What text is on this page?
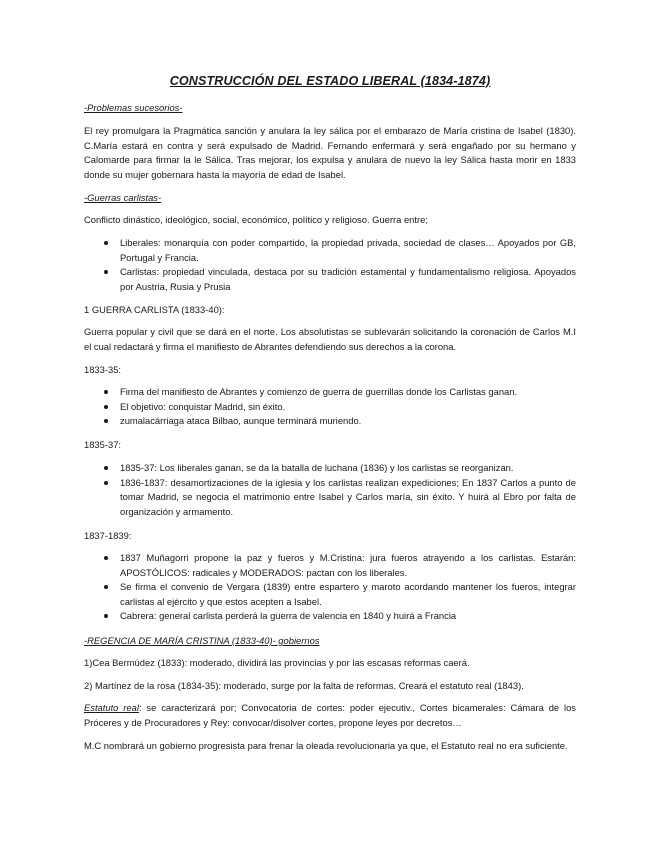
CONSTRUCCIÓN DEL ESTADO LIBERAL (1834-1874)

-Problemas sucesorios-

El rey promulgara la Pragmática sanción y anulara la ley sálica por el embarazo de María cristina de Isabel (1830). C.María estará en contra y será expulsado de Madrid. Fernando enfermará y será engañado por su hermano y Calomarde para firmar la le Sálica. Tras mejorar, los expulsa y anulara de nuevo la ley Sálica hasta morir en 1833 donde su mujer gobernara hasta la mayoría de edad de Isabel.

-Guerras carlistas-

Conflicto dinástico, ideológico, social, económico, político y religioso. Guerra entre;

Liberales: monarquía con poder compartido, la propiedad privada, sociedad de clases… Apoyados por GB, Portugal y Francia.
Carlistas: propiedad vinculada, destaca por su tradición estamental y fundamentalismo religiosa. Apoyados por Austria, Rusia y Prusia

1 GUERRA CARLISTA (1833-40):

Guerra popular y civil que se dará en el norte. Los absolutistas se sublevarán solicitando la coronación de Carlos M.I el cual redactará y firma el manifiesto de Abrantes defendiendo sus derechos a la corona.

1833-35:

Firma del manifiesto de Abrantes y comienzo de guerra de guerrillas donde los Carlistas ganan.
El objetivo: conquistar Madrid, sin éxito.
zumalacárriaga ataca Bilbao, aunque terminará muriendo.

1835-37:

1835-37: Los liberales ganan, se da la batalla de luchana (1836) y los carlistas se reorganizan.
1836-1837: desamortizaciones de la iglesia y los carlistas realizan expediciones; En 1837 Carlos a punto de tomar Madrid, se negocia el matrimonio entre Isabel y Carlos maría, sin éxito. Y huirá al Ebro por falta de organización y armamento.

1837-1839:

1837 Muñagorri propone la paz y fueros y M.Cristina: jura fueros atrayendo a los carlistas. Estarán: APOSTÓLICOS: radicales y MODERADOS: pactan con los liberales.
Se firma el convenio de Vergara (1839) entre espartero y maroto acordando mantener los fueros, integrar carlistas al ejército y que estos acepten a Isabel.
Cabrera: general carlista perderá la guerra de valencia en 1840 y huirá a Francia

-REGENCIA DE MARÍA CRISTINA (1833-40)- gobiernos

1)Cea Bermúdez (1833): moderado, dividirá las provincias y por las escasas reformas caerá.

2) Martínez de la rosa (1834-35): moderado, surge por la falta de reformas. Creará el estatuto real (1843).

Estatuto real: se caracterizará por; Convocatoria de cortes: poder ejecutiv., Cortes bicamerales: Cámara de los Próceres y de Procuradores y Rey: convocar/disolver cortes, propone leyes por decretos…

M.C nombrará un gobierno progresista para frenar la oleada revolucionaria ya que, el Estatuto real no era suficiente.
